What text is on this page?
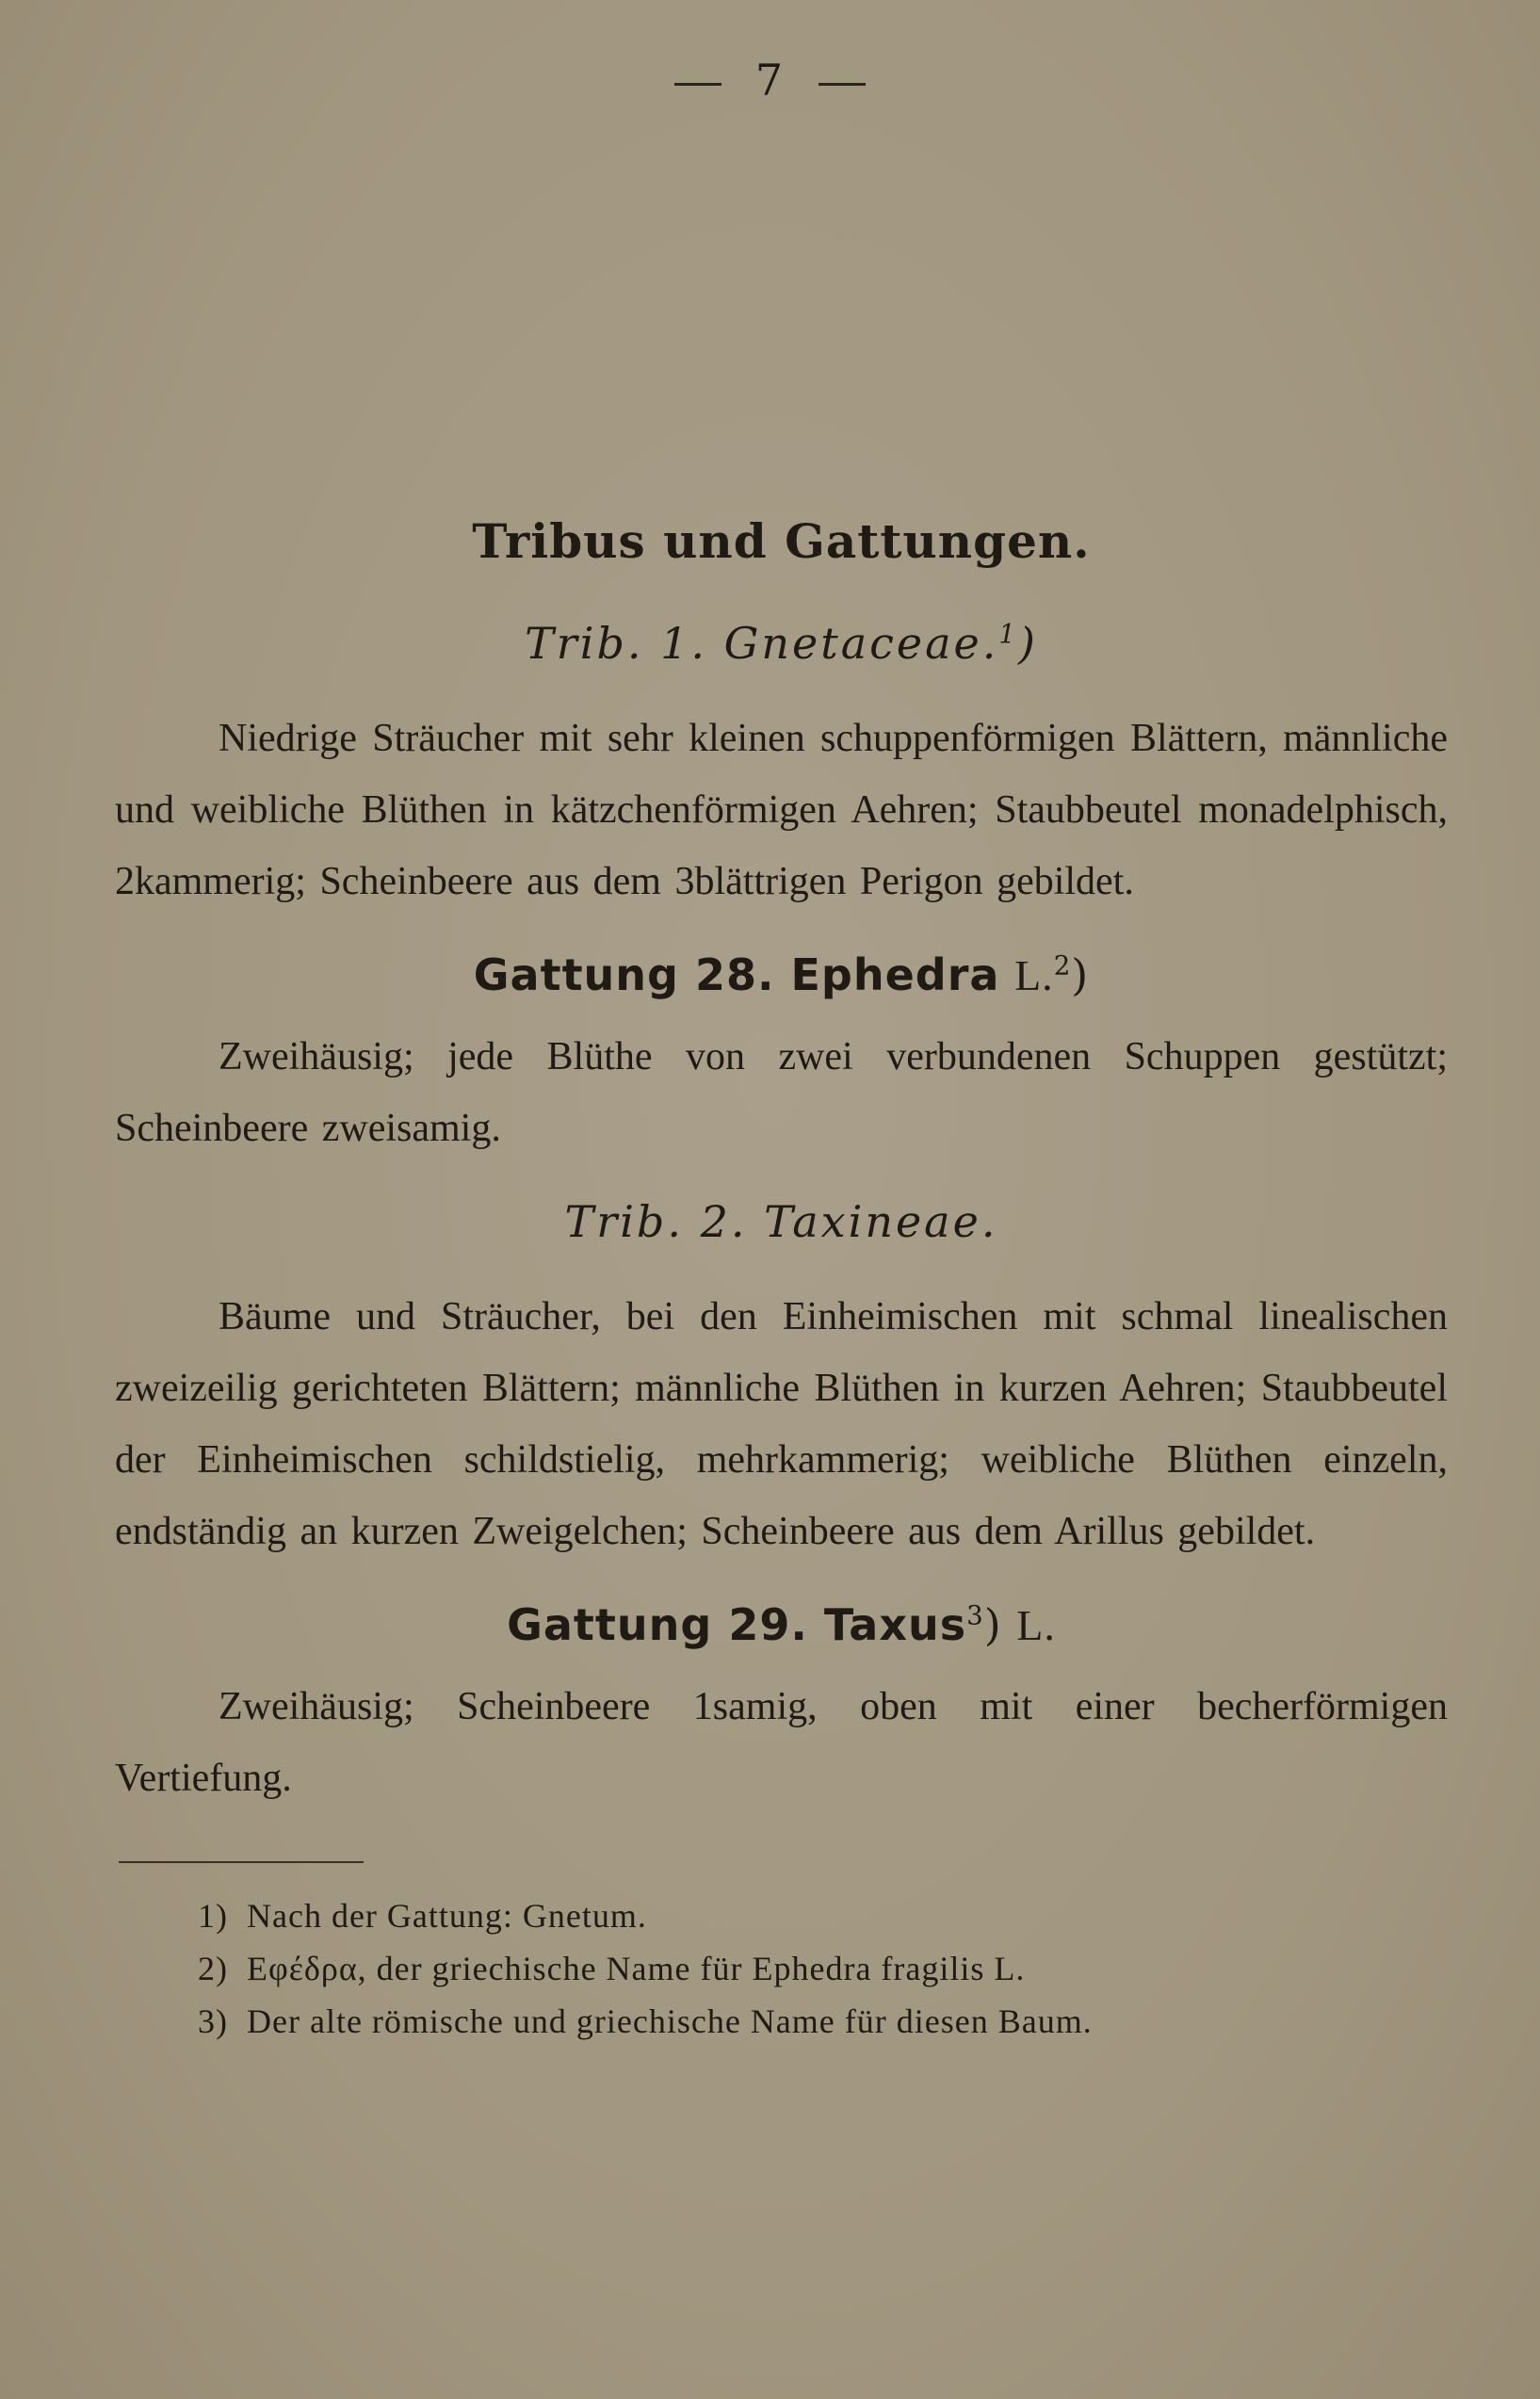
7
Tribus und Gattungen.

Trib. 1. Gnetaceae.$^1$)

Niedrige Sträucher mit sehr kleinen schuppenförmigen Blättern, männliche und weibliche Blüthen in kätzchenförmigen Aehren; Staubbeutel monadelphisch, 2kammerig; Scheinbeere aus dem 3blättrigen Perigon gebildet.

Gattung 28. Ephedra L.$^2$)

Zweihäusig; jede Blüthe von zwei verbundenen Schuppen gestützt; Scheinbeere zweisamig.

Trib. 2. Taxineae.

Bäume und Sträucher, bei den Einheimischen mit schmal linealischen zweizeilig gerichteten Blättern; männliche Blüthen in kurzen Aehren; Staubbeutel der Einheimischen schildstielig, mehrkammerig; weibliche Blüthen einzeln, endständig an kurzen Zweigelchen; Scheinbeere aus dem Arillus gebildet.

Gattung 29. Taxus$^3$) L.

Zweihäusig; Scheinbeere 1samig, oben mit einer becherförmigen Vertiefung.

1) Nach der Gattung: Gnetum.

2) Εφέδρα, der griechische Name für Ephedra fragilis L.

3) Der alte römische und griechische Name für diesen Baum.
